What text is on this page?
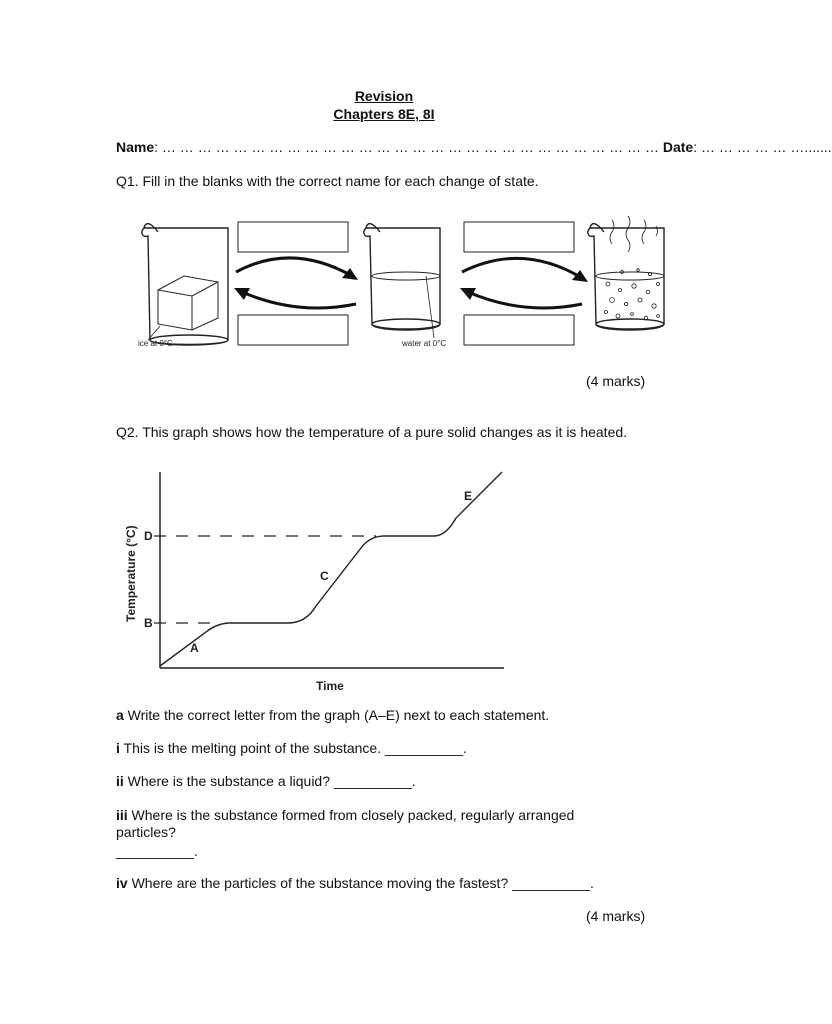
Revision
Chapters 8E, 8I
Name: … … … … … … … … … … … … … … … … … … … … … … … … … … … … Date: … … … … … ….......
Q1. Fill in the blanks with the correct name for each change of state.
ice at 0°C	water at 0°C
(4 marks)
Q2. This graph shows how the temperature of a pure solid changes as it is heated.
D
B
A
C
E
Temperature (°C)
Time
a Write the correct letter from the graph (A–E) next to each statement.
i This is the melting point of the substance. __________.
ii Where is the substance a liquid? __________.
iii Where is the substance formed from closely packed, regularly arranged particles?
__________.
iv Where are the particles of the substance moving the fastest? __________.
(4 marks)
